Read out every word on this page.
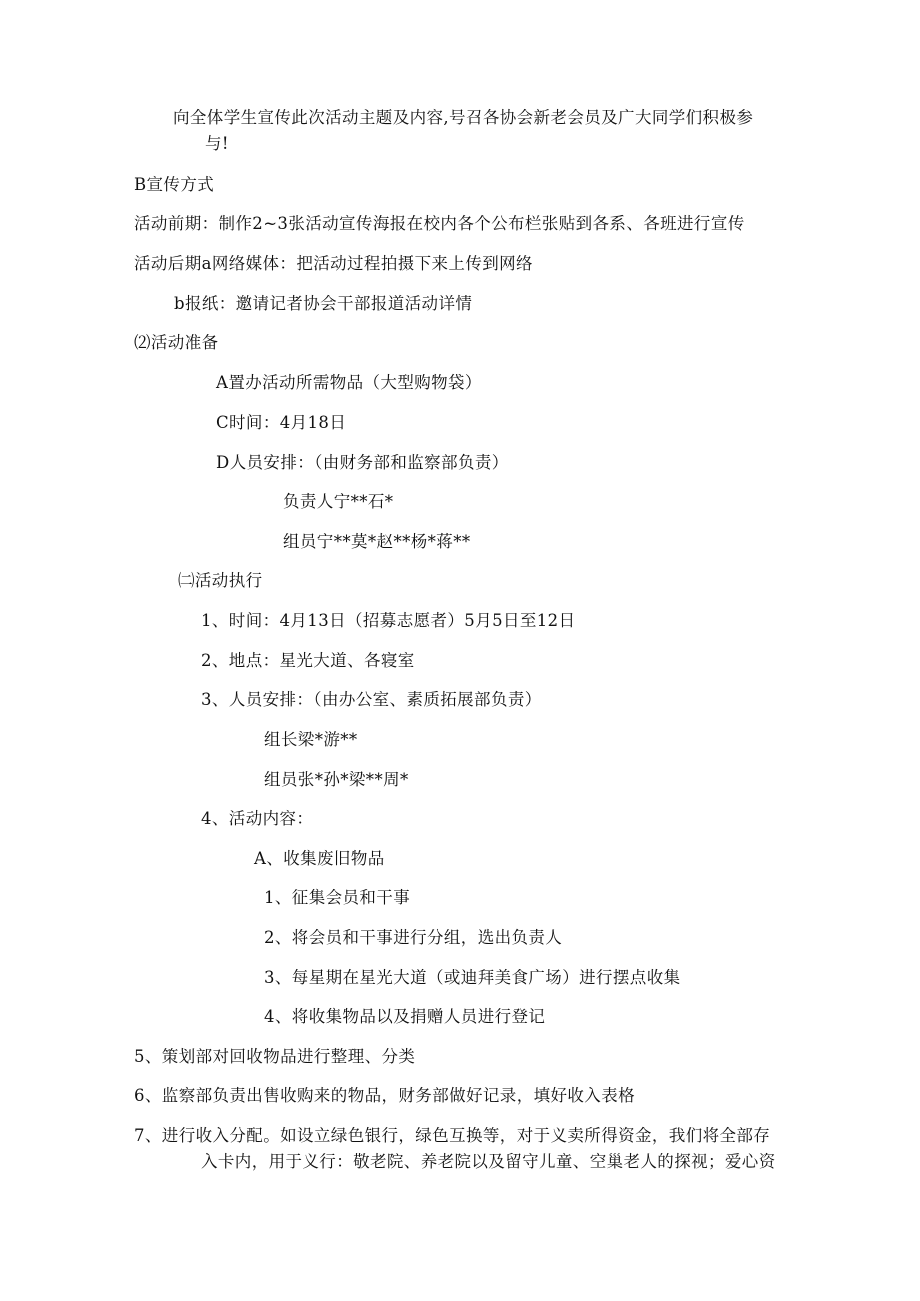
向全体学生宣传此次活动主题及内容,号召各协会新老会员及广大同学们积极参
与!
B宣传方式
活动前期：制作2~3张活动宣传海报在校内各个公布栏张贴到各系、各班进行宣传
活动后期a网络媒体：把活动过程拍摄下来上传到网络
b报纸：邀请记者协会干部报道活动详情
⑵活动准备
A置办活动所需物品（大型购物袋）
C时间：4月18日
D人员安排：（由财务部和监察部负责）
负责人宁**石*
组员宁**莫*赵**杨*蒋**
㈡活动执行
1、时间：4月13日（招募志愿者）5月5日至12日
2、地点：星光大道、各寝室
3、人员安排：（由办公室、素质拓展部负责）
组长梁*游**
组员张*孙*梁**周*
4、活动内容：
A、收集废旧物品
1、征集会员和干事
2、将会员和干事进行分组，选出负责人
3、每星期在星光大道（或迪拜美食广场）进行摆点收集
4、将收集物品以及捐赠人员进行登记
5、策划部对回收物品进行整理、分类
6、监察部负责出售收购来的物品，财务部做好记录，填好收入表格
7、进行收入分配。如设立绿色银行，绿色互换等，对于义卖所得资金，我们将全部存
入卡内，用于义行：敬老院、养老院以及留守儿童、空巢老人的探视；爱心资
